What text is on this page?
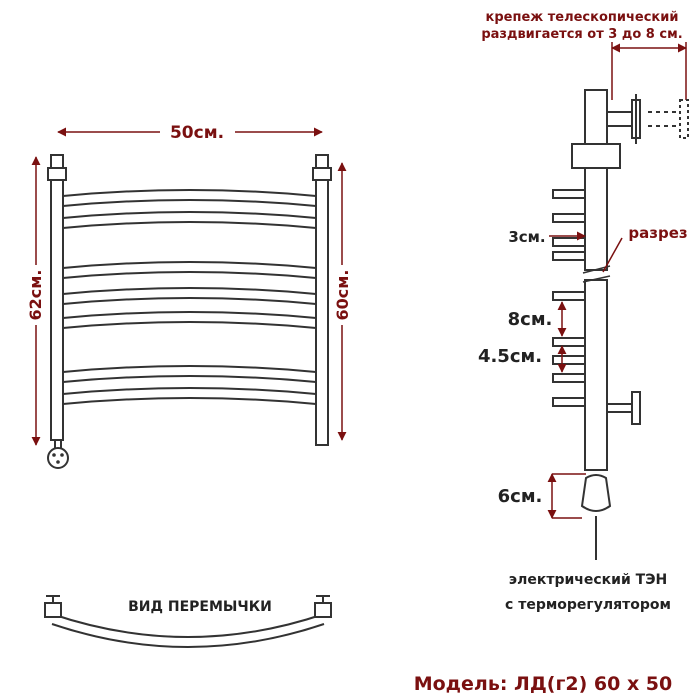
50см.
62см.	60см.
ВИД ПЕРЕМЫЧКИ
крепеж телескопический
раздвигается от 3 до 8 см.
разрез
3см.
8см.
4.5см.
6см.
электрический ТЭН
с терморегулятором
Модель: ЛД(г2) 60 х 50
